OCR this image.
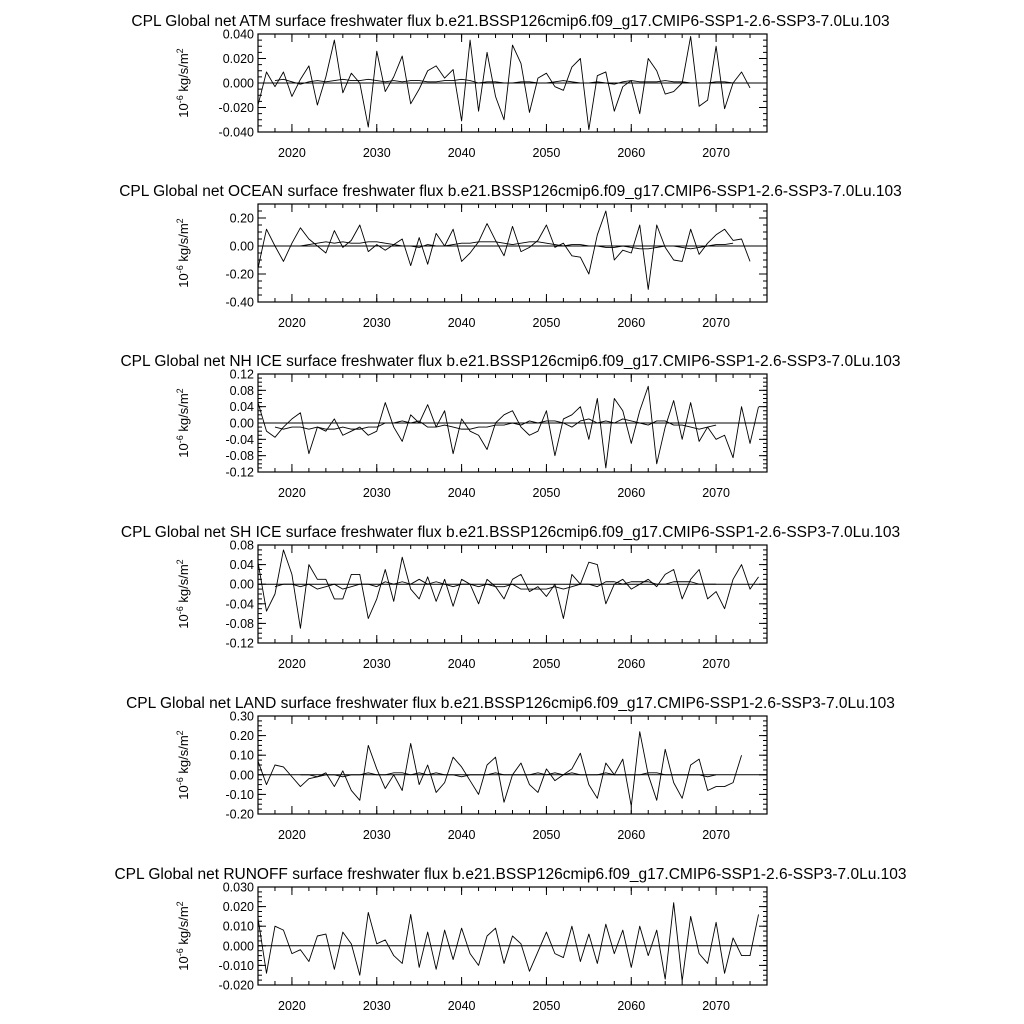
CPL Global net ATM surface freshwater flux b.e21.BSSP126cmip6.f09_g17.CMIP6-SSP1-2.6-SSP3-7.0Lu.103
2020	2030	2040	2050	2060	2070
-0.040
-0.020
0.000
0.020
0.040
$10^{-6}$ $kg/s/m^2$
CPL Global net OCEAN surface freshwater flux b.e21.BSSP126cmip6.f09_g17.CMIP6-SSP1-2.6-SSP3-7.0Lu.103
2020	2030	2040	2050	2060	2070
-0.40
-0.20
0.00
0.20
$10^{-6}$ $kg/s/m^2$
CPL Global net NH ICE surface freshwater flux b.e21.BSSP126cmip6.f09_g17.CMIP6-SSP1-2.6-SSP3-7.0Lu.103
2020	2030	2040	2050	2060	2070
-0.12
-0.08
-0.04
0.00
0.04
0.08
0.12
$10^{-6}$ $kg/s/m^2$
CPL Global net SH ICE surface freshwater flux b.e21.BSSP126cmip6.f09_g17.CMIP6-SSP1-2.6-SSP3-7.0Lu.103
2020	2030	2040	2050	2060	2070
-0.12
-0.08
-0.04
0.00
0.04
0.08
$10^{-6}$ $kg/s/m^2$
CPL Global net LAND surface freshwater flux b.e21.BSSP126cmip6.f09_g17.CMIP6-SSP1-2.6-SSP3-7.0Lu.103
2020	2030	2040	2050	2060	2070
-0.20
-0.10
0.00
0.10
0.20
0.30
$10^{-6}$ $kg/s/m^2$
CPL Global net RUNOFF surface freshwater flux b.e21.BSSP126cmip6.f09_g17.CMIP6-SSP1-2.6-SSP3-7.0Lu.103
2020	2030	2040	2050	2060	2070
-0.020
-0.010
0.000
0.010
0.020
0.030
$10^{-6}$ $kg/s/m^2$
